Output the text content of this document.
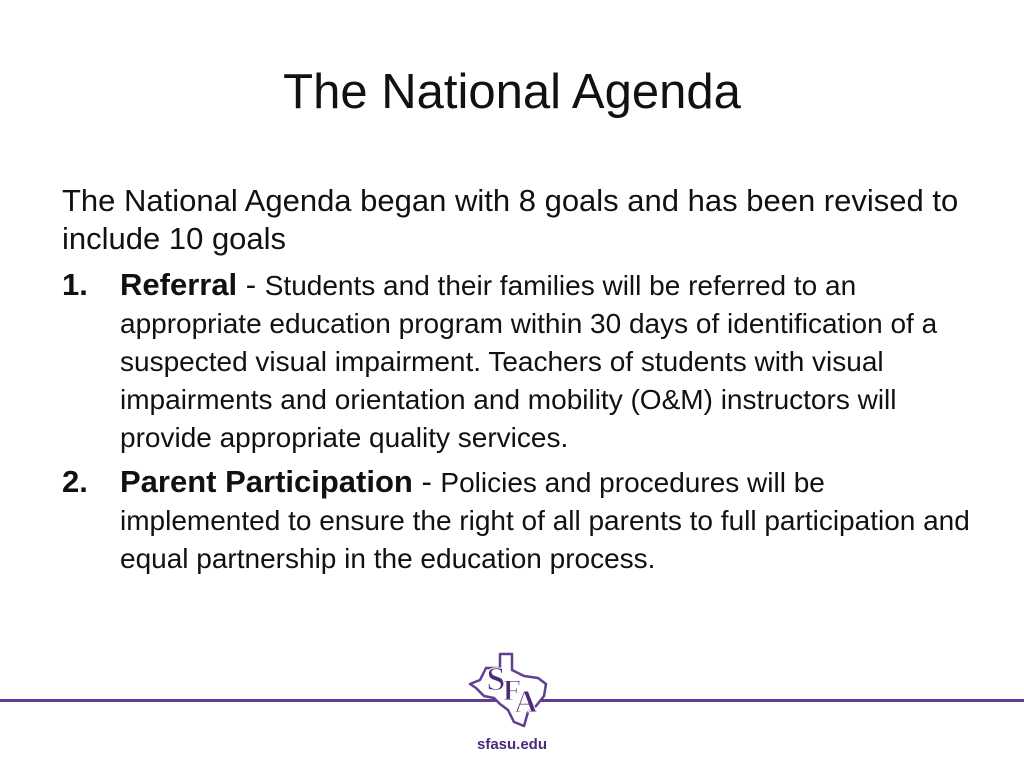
The National Agenda

The National Agenda began with 8 goals and has been revised to include 10 goals

1. Referral - Students and their families will be referred to an appropriate education program within 30 days of identification of a suspected visual impairment. Teachers of students with visual impairments and orientation and mobility (O&M) instructors will provide appropriate quality services.
2. Parent Participation - Policies and procedures will be implemented to ensure the right of all parents to full participation and equal partnership in the education process.
S
F
A
sfasu.edu
